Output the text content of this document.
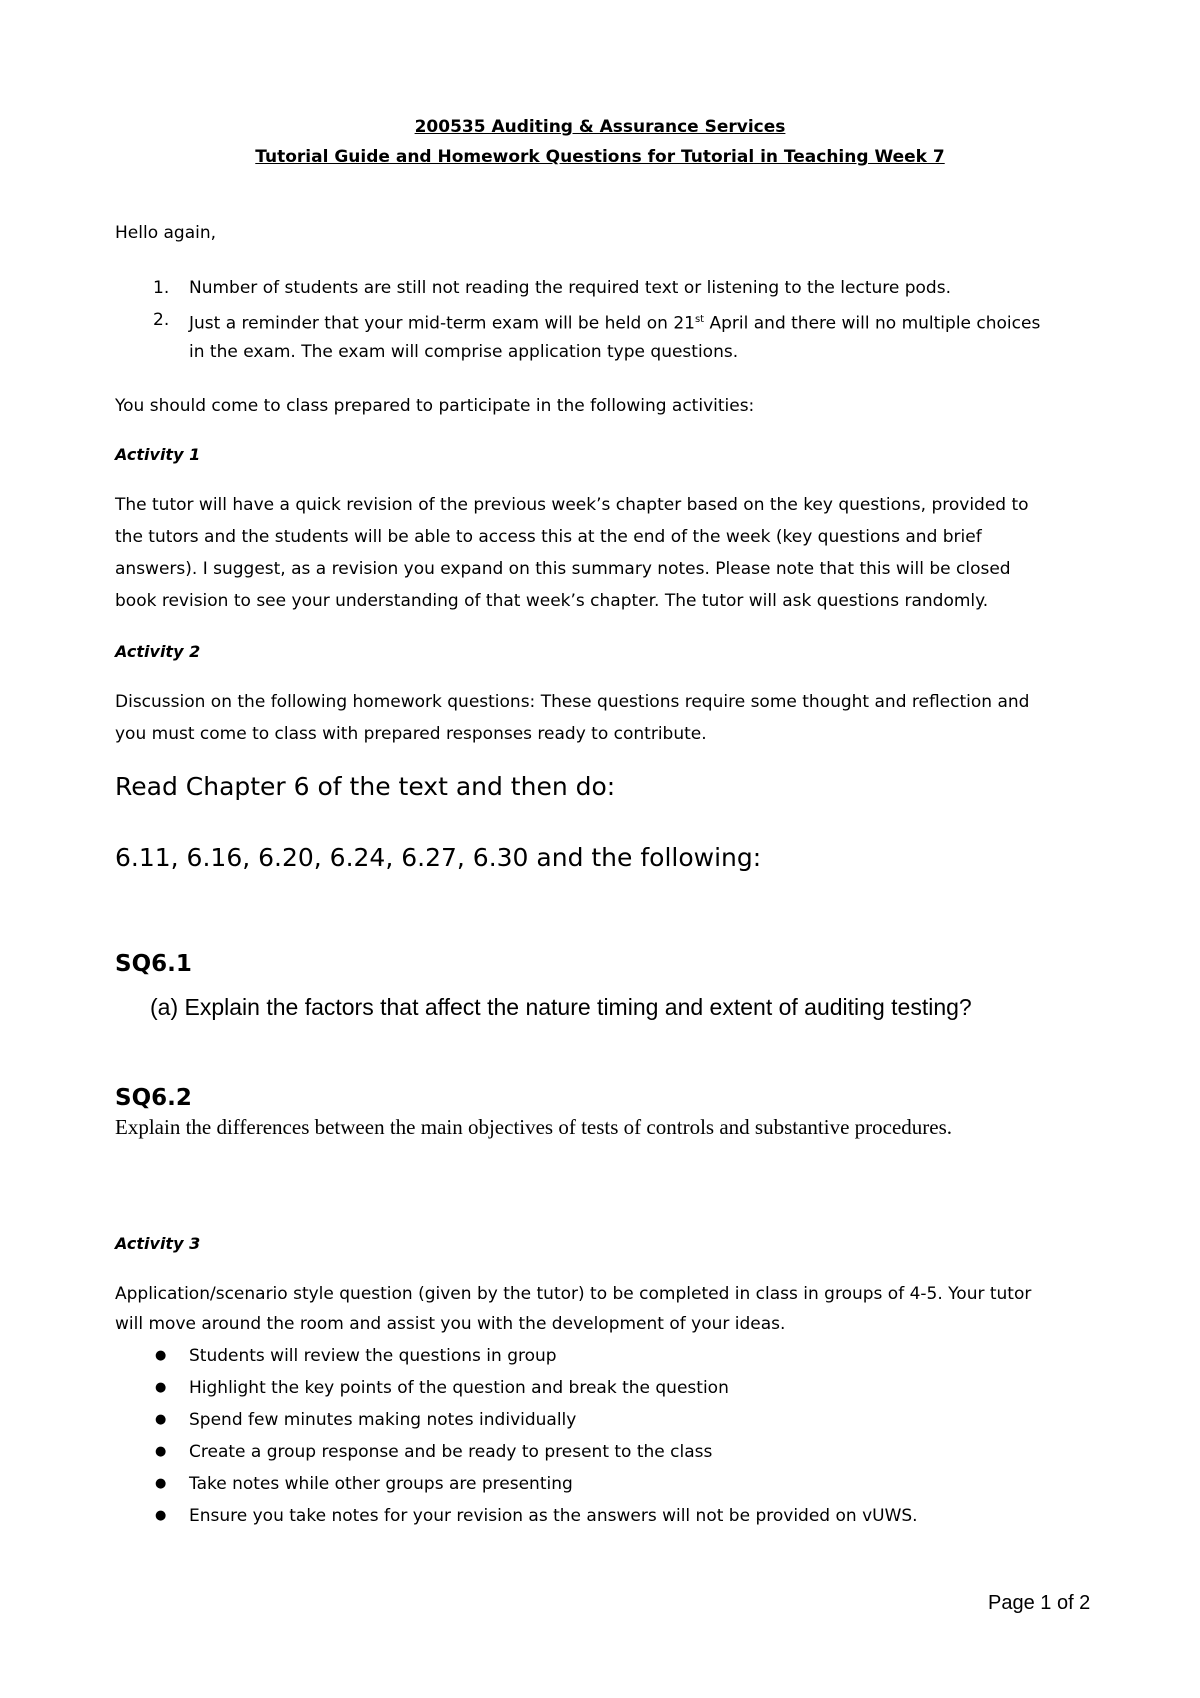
200535 Auditing & Assurance Services

Tutorial Guide and Homework Questions for Tutorial in Teaching Week 7

Hello again,

1. Number of students are still not reading the required text or listening to the lecture pods.
2. Just a reminder that your mid-term exam will be held on 21st April and there will no multiple choices
in the exam. The exam will comprise application type questions.

You should come to class prepared to participate in the following activities:

Activity 1

The tutor will have a quick revision of the previous week’s chapter based on the key questions, provided to
the tutors and the students will be able to access this at the end of the week (key questions and brief
answers). I suggest, as a revision you expand on this summary notes. Please note that this will be closed
book revision to see your understanding of that week’s chapter. The tutor will ask questions randomly.

Activity 2

Discussion on the following homework questions: These questions require some thought and reflection and
you must come to class with prepared responses ready to contribute.

Read Chapter 6 of the text and then do:

6.11, 6.16, 6.20, 6.24, 6.27, 6.30 and the following:

SQ6.1

(a) Explain the factors that affect the nature timing and extent of auditing testing?

SQ6.2

Explain the differences between the main objectives of tests of controls and substantive procedures.

Activity 3

Application/scenario style question (given by the tutor) to be completed in class in groups of 4-5. Your tutor
will move around the room and assist you with the development of your ideas.
● Students will review the questions in group
● Highlight the key points of the question and break the question
● Spend few minutes making notes individually
● Create a group response and be ready to present to the class
● Take notes while other groups are presenting
● Ensure you take notes for your revision as the answers will not be provided on vUWS.

Page 1 of 2
